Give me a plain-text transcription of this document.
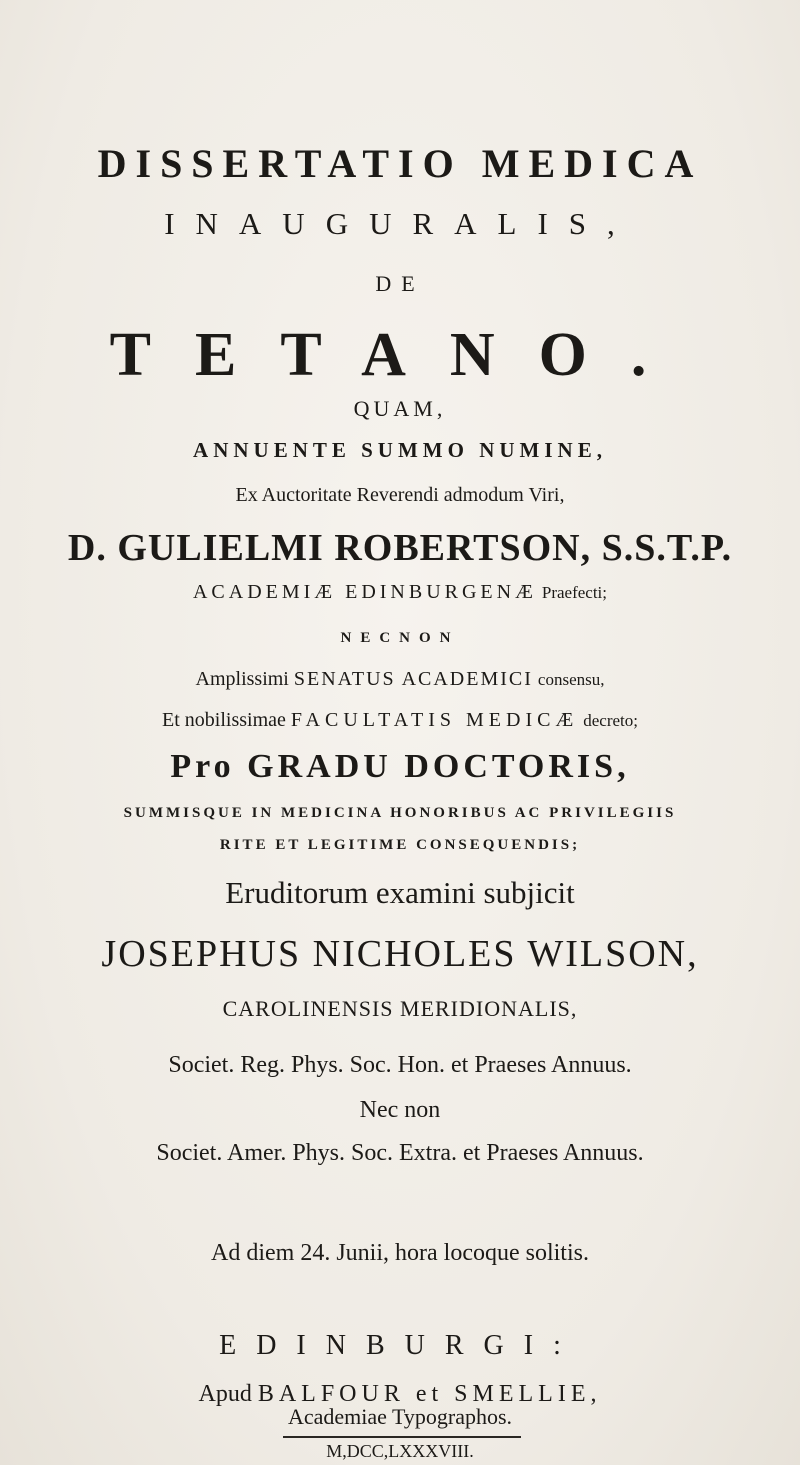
DISSERTATIO MEDICA
INAUGURALIS,
DE
TETANO.
QUAM,
ANNUENTE SUMMO NUMINE,
Ex Auctoritate Reverendi admodum Viri,
D. GULIELMI ROBERTSON, S.S.T.P.
ACADEMIÆ EDINBURGENÆ Praefecti;
NECNON
Amplissimi SENATUS ACADEMICI consensu,
Et nobilissimae FACULTATIS MEDICÆ decreto;
Pro GRADU DOCTORIS,
SUMMISQUE IN MEDICINA HONORIBUS AC PRIVILEGIIS
RITE ET LEGITIME CONSEQUENDIS;
Eruditorum examini subjicit
JOSEPHUS NICHOLES WILSON,
CAROLINENSIS MERIDIONALIS,
Societ. Reg. Phys. Soc. Hon. et Praeses Annuus.
Nec non
Societ. Amer. Phys. Soc. Extra. et Praeses Annuus.
Ad diem 24. Junii, hora locoque solitis.
EDINBURGI:
Apud BALFOUR et SMELLIE,
Academiae Typographos.
M,DCC,LXXXVIII.
